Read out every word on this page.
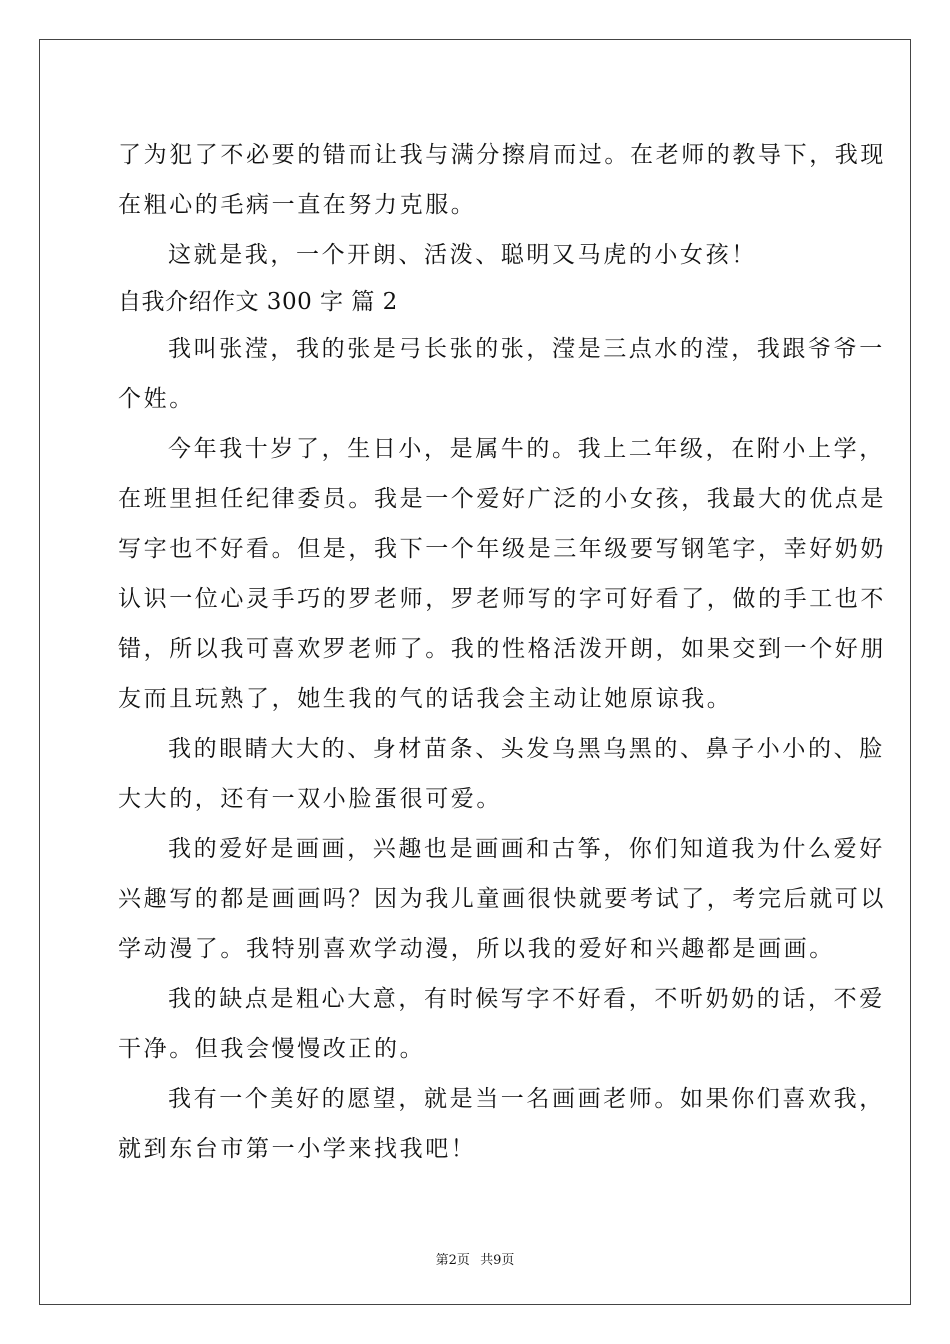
了为犯了不必要的错而让我与满分擦肩而过。在老师的教导下，我现
在粗心的毛病一直在努力克服。
这就是我，一个开朗、活泼、聪明又马虎的小女孩！
自我介绍作文 300 字 篇 2
我叫张滢，我的张是弓长张的张，滢是三点水的滢，我跟爷爷一
个姓。
今年我十岁了，生日小，是属牛的。我上二年级，在附小上学，
在班里担任纪律委员。我是一个爱好广泛的小女孩，我最大的优点是
写字也不好看。但是，我下一个年级是三年级要写钢笔字，幸好奶奶
认识一位心灵手巧的罗老师，罗老师写的字可好看了，做的手工也不
错，所以我可喜欢罗老师了。我的性格活泼开朗，如果交到一个好朋
友而且玩熟了，她生我的气的话我会主动让她原谅我。
我的眼睛大大的、身材苗条、头发乌黑乌黑的、鼻子小小的、脸
大大的，还有一双小脸蛋很可爱。
我的爱好是画画，兴趣也是画画和古筝，你们知道我为什么爱好
兴趣写的都是画画吗？因为我儿童画很快就要考试了，考完后就可以
学动漫了。我特别喜欢学动漫，所以我的爱好和兴趣都是画画。
我的缺点是粗心大意，有时候写字不好看，不听奶奶的话，不爱
干净。但我会慢慢改正的。
我有一个美好的愿望，就是当一名画画老师。如果你们喜欢我，
就到东台市第一小学来找我吧！
第2页 共9页
